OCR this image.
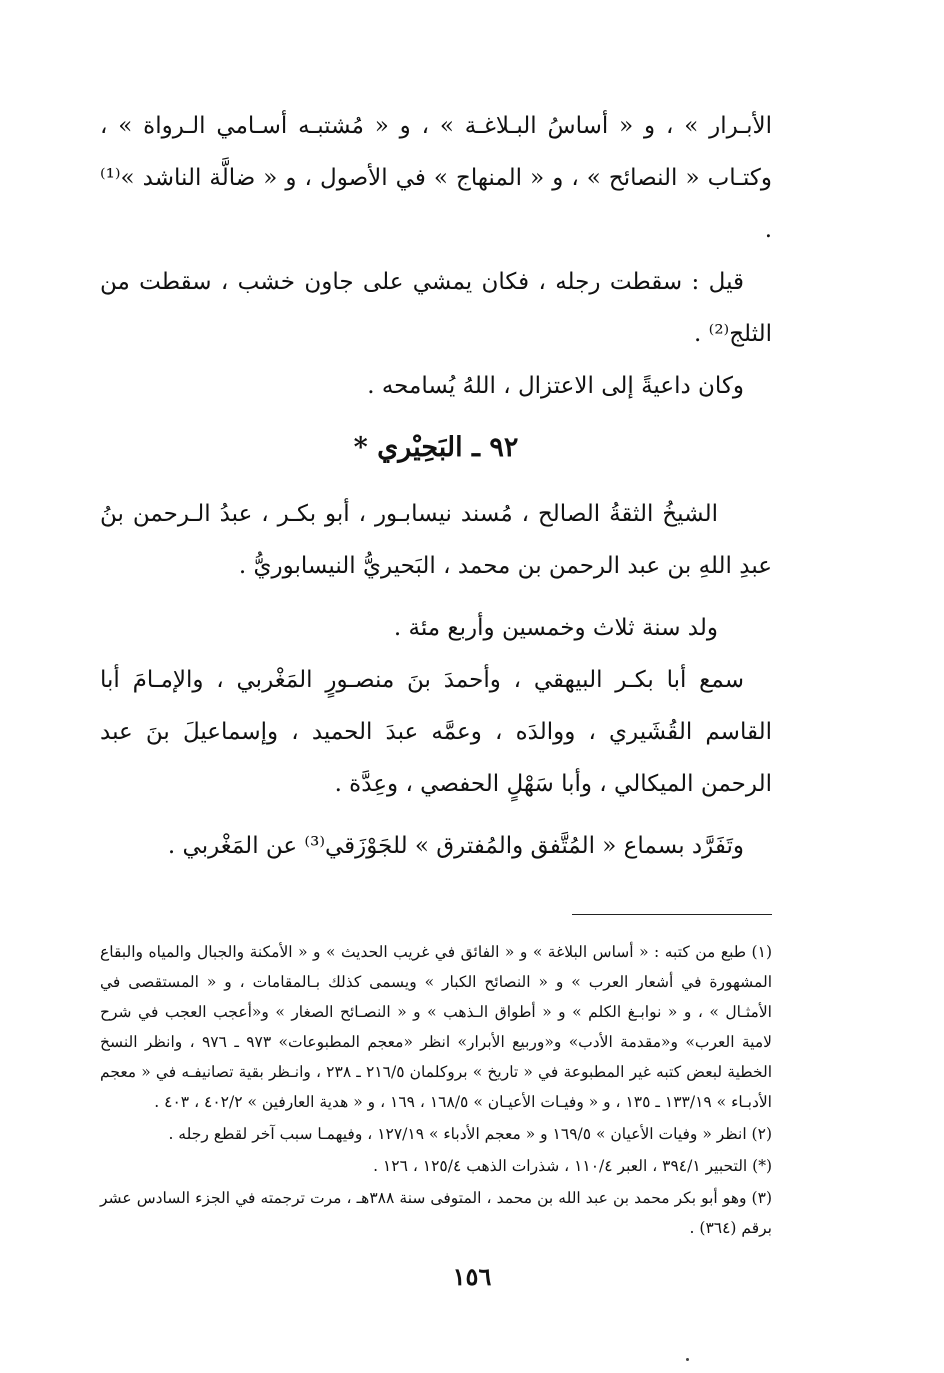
الأبـرار » ، و « أساسُ البـلاغـة » ، و « مُشتبـه أسـامي الـرواة » ، وكتـاب « النصائح » ، و « المنهاج » في الأصول ، و « ضالَّة الناشد »⁽¹⁾ .

قيل : سقطت رجله ، فكان يمشي على جاون خشب ، سقطت من الثلج⁽²⁾ .

وكان داعيةً إلى الاعتزال ، اللهُ يُسامحه .

٩٢ ـ البَحِيْري *

الشيخُ الثقةُ الصالح ، مُسند نيسابـور ، أبو بكـر ، عبدُ الـرحمن بنُ عبدِ اللهِ بن عبد الرحمن بن محمد ، البَحيريُّ النيسابوريُّ .

ولد سنة ثلاث وخمسين وأربع مئة .

سمع أبا بكـر البيهقي ، وأحمدَ بنَ منصـورٍ المَغْربي ، والإمـامَ أبا القاسم القُشَيري ، ووالدَه ، وعمَّه عبدَ الحميد ، وإسماعيلَ بنَ عبد الرحمن الميكالي ، وأبا سَهْلٍ الحفصي ، وعِدَّة .

وتَفَرَّد بسماع « المُتَّفق والمُفترق » للجَوْزَقي⁽³⁾ عن المَغْربي .

(١) طبع من كتبه : « أساس البلاغة » و « الفائق في غريب الحديث » و « الأمكنة والجبال والمياه والبقاع المشهورة في أشعار العرب » و « النصائح الكبار » ويسمى كذلك بـالمقامات ، و « المستقصى في الأمثـال » ، و « نوابـغ الكلم » و « أطواق الـذهب » و « النصـائح الصغار » و«أعجب العجب في شرح لامية العرب» و«مقدمة الأدب» و«وربيع الأبرار» انظر «معجم المطبوعات» ٩٧٣ ـ ٩٧٦ ، وانظر النسخ الخطية لبعض كتبه غير المطبوعة في « تاريخ » بروكلمان ٢١٦/٥ ـ ٢٣٨ ، وانـظر بقية تصانيفـه في « معجم الأدبـاء » ١٣٣/١٩ ـ ١٣٥ ، و « وفيـات الأعيـان » ١٦٨/٥ ، ١٦٩ ، و « هدية العارفين » ٤٠٢/٢ ، ٤٠٣ .

(٢) انظر « وفيات الأعيان » ١٦٩/٥ و « معجم الأدباء » ١٢٧/١٩ ، وفيهمـا سبب آخر لقطع رجله .

(*) التحبير ٣٩٤/١ ، العبر ١١٠/٤ ، شذرات الذهب ١٢٥/٤ ، ١٢٦ .

(٣) وهو أبو بكر محمد بن عبد الله بن محمد ، المتوفى سنة ٣٨٨هـ ، مرت ترجمته في الجزء السادس عشر برقم (٣٦٤) .

١٥٦
